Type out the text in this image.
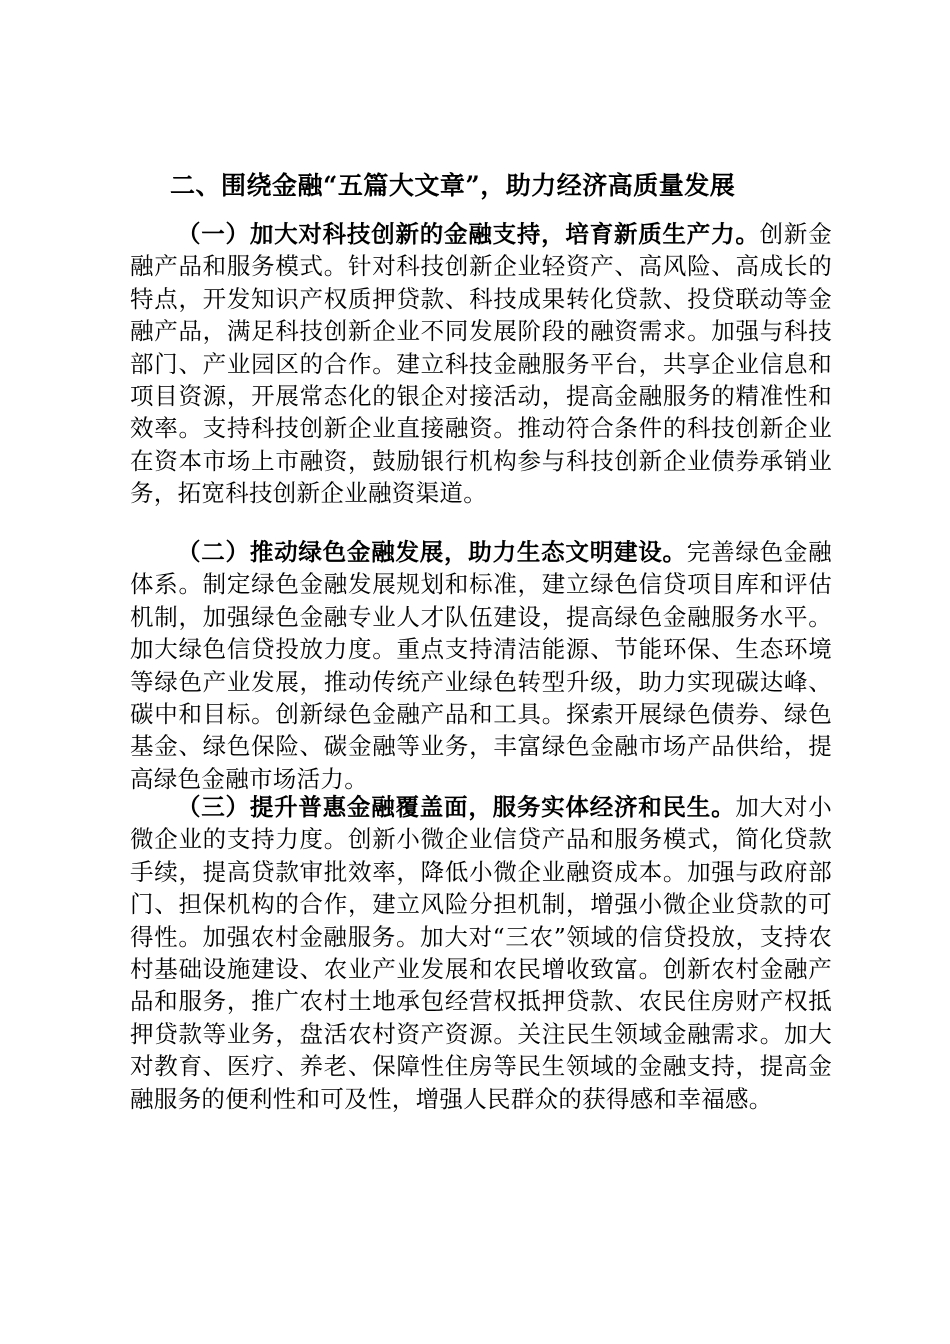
二、围绕金融“五篇大文章”，助力经济高质量发展

（一）加大对科技创新的金融支持，培育新质生产力。创新金融产品和服务模式。针对科技创新企业轻资产、高风险、高成长的特点，开发知识产权质押贷款、科技成果转化贷款、投贷联动等金融产品，满足科技创新企业不同发展阶段的融资需求。加强与科技部门、产业园区的合作。建立科技金融服务平台，共享企业信息和项目资源，开展常态化的银企对接活动，提高金融服务的精准性和效率。支持科技创新企业直接融资。推动符合条件的科技创新企业在资本市场上市融资，鼓励银行机构参与科技创新企业债券承销业务，拓宽科技创新企业融资渠道。

（二）推动绿色金融发展，助力生态文明建设。完善绿色金融体系。制定绿色金融发展规划和标准，建立绿色信贷项目库和评估机制，加强绿色金融专业人才队伍建设，提高绿色金融服务水平。加大绿色信贷投放力度。重点支持清洁能源、节能环保、生态环境等绿色产业发展，推动传统产业绿色转型升级，助力实现碳达峰、碳中和目标。创新绿色金融产品和工具。探索开展绿色债券、绿色基金、绿色保险、碳金融等业务，丰富绿色金融市场产品供给，提高绿色金融市场活力。

（三）提升普惠金融覆盖面，服务实体经济和民生。加大对小微企业的支持力度。创新小微企业信贷产品和服务模式，简化贷款手续，提高贷款审批效率，降低小微企业融资成本。加强与政府部门、担保机构的合作，建立风险分担机制，增强小微企业贷款的可得性。加强农村金融服务。加大对“三农”领域的信贷投放，支持农村基础设施建设、农业产业发展和农民增收致富。创新农村金融产品和服务，推广农村土地承包经营权抵押贷款、农民住房财产权抵押贷款等业务，盘活农村资产资源。关注民生领域金融需求。加大对教育、医疗、养老、保障性住房等民生领域的金融支持，提高金融服务的便利性和可及性，增强人民群众的获得感和幸福感。
